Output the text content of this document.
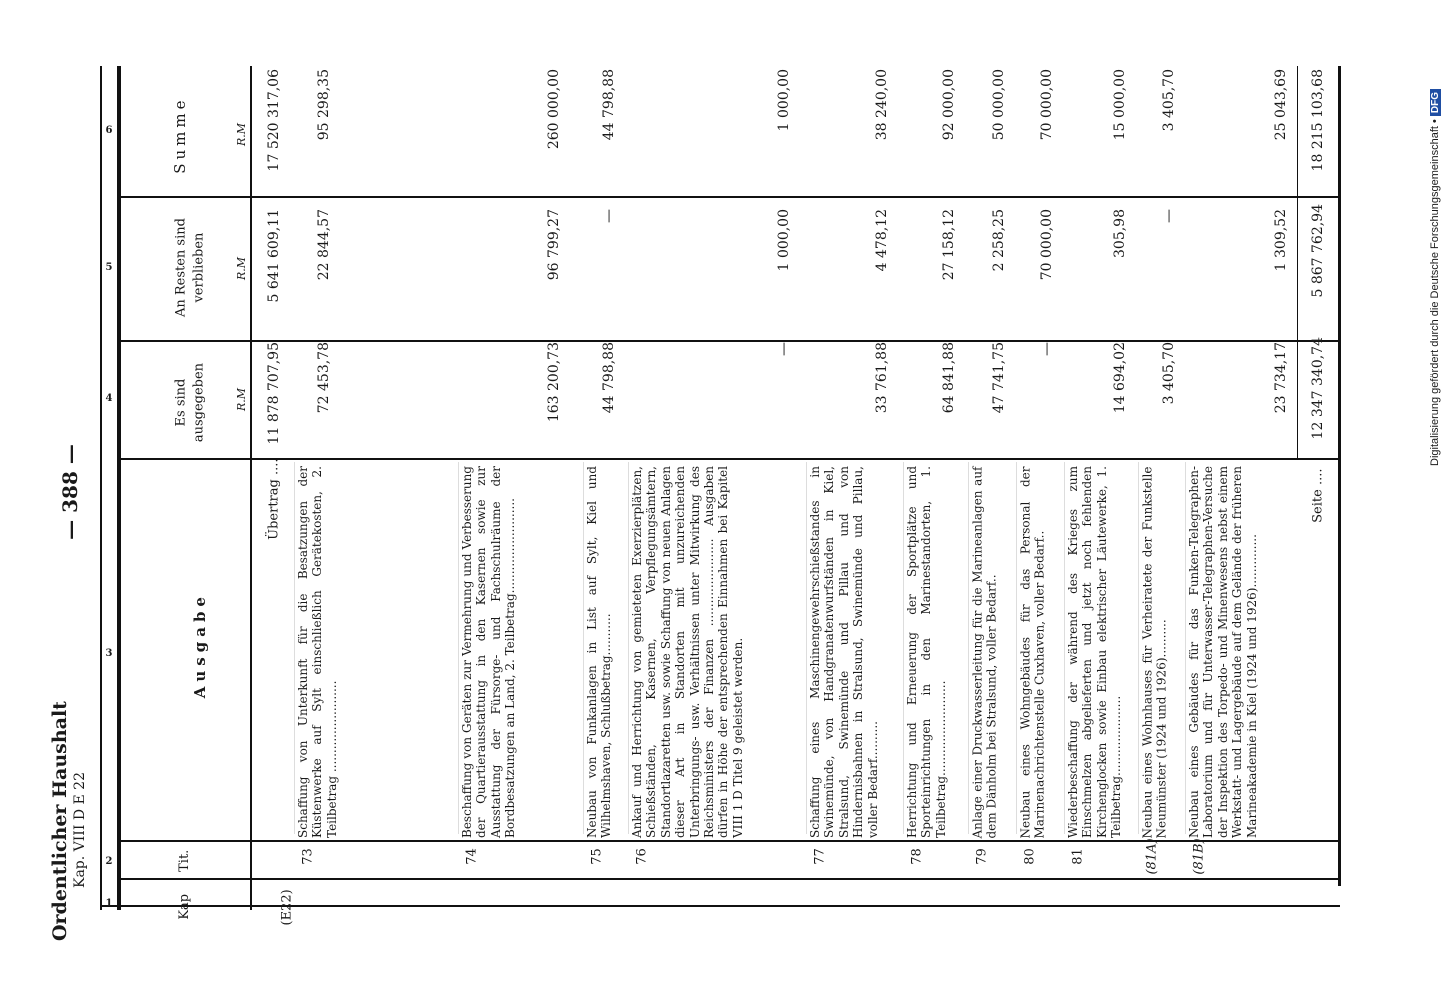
Ordentlicher Haushalt Kap. VIII D E 22
— 388 —
6
5
4
3
2
1
Summe
An Resten sind verblieben
Es sind ausgegeben
Ausgabe
Tit.
Kap
R.M
R.M
R.M
(E22)
Übertrag ....
11 878 707,95
5 641 609,11
17 520 317,06
Schaffung von Unterkunft für die Besatzungen der Küstenwerke auf Sylt einschließlich Gerätekosten, 2. Teilbetrag ........................
73
72 453,78
22 844,57
95 298,35
Beschaffung von Geräten zur Vermehrung und Verbesserung der Quartierausstattung in den Kasernen sowie zur Ausstattung der Fürsorge- und Fachschulräume der Bordbesatzungen an Land, 2. Teilbetrag.........................
74
163 200,73
96 799,27
260 000,00
Neubau von Funkanlagen in List auf Sylt, Kiel und Wilhelmshaven, Schlußbetrag...........
75
44 798,88
—
44 798,88
Ankauf und Herrichtung von gemieteten Exerzierplätzen, Schießständen, Kasernen, Verpflegungsämtern, Standortlazaretten usw. sowie Schaffung von neuen Anlagen dieser Art in Standorten mit unzureichenden Unterbringungs- usw. Verhältnissen unter Mitwirkung des Reichsministers der Finanzen ....................... Ausgaben dürfen in Höhe der entsprechenden Einnahmen bei Kapitel VIII 1 D Titel 9 geleistet werden.
76
—
1 000,00
1 000,00
Schaffung eines Maschinengewehrschießstandes in Swinemünde, von Handgranatenwurfständen in Kiel, Stralsund, Swinemünde und Pillau und von Hindernisbahnen in Stralsund, Swinemünde und Pillau, voller Bedarf..........
77
33 761,88
4 478,12
38 240,00
Herrichtung und Erneuerung der Sportplätze und Sporteinrichtungen in den Marinestandorten, 1. Teilbetrag.........................
78
64 841,88
27 158,12
92 000,00
Anlage einer Druckwasserleitung für die Marineanlagen auf dem Dänholm bei Stralsund, voller Bedarf..
79
47 741,75
2 258,25
50 000,00
Neubau eines Wohngebäudes für das Personal der Marinenachrichtenstelle Cuxhaven, voller Bedarf..
80
—
70 000,00
70 000,00
Wiederbeschaffung der während des Krieges zum Einschmelzen abgelieferten und jetzt noch fehlenden Kirchenglocken sowie Einbau elektrischer Läutewerke, 1. Teilbetrag.....................
81
14 694,02
305,98
15 000,00
Neubau eines Wohnhauses für Verheiratete der Funkstelle Neumünster (1924 und 1926)..........
(81A)
3 405,70
—
3 405,70
Neubau eines Gebäudes für das Funken-Telegraphen-Laboratorium und für Unterwasser-Telegraphen-Versuche der Inspektion des Torpedo- und Minenwesens nebst einem Werkstatt- und Lagergebäude auf dem Gelände der früheren Marineakademie in Kiel (1924 und 1926)..............
(81B)
23 734,17
1 309,52
25 043,69
Seite ....
12 347 340,74
5 867 762,94
18 215 103,68	Digitalisierung gefördert durch die Deutsche Forschungsgemeinschaft • DFG
